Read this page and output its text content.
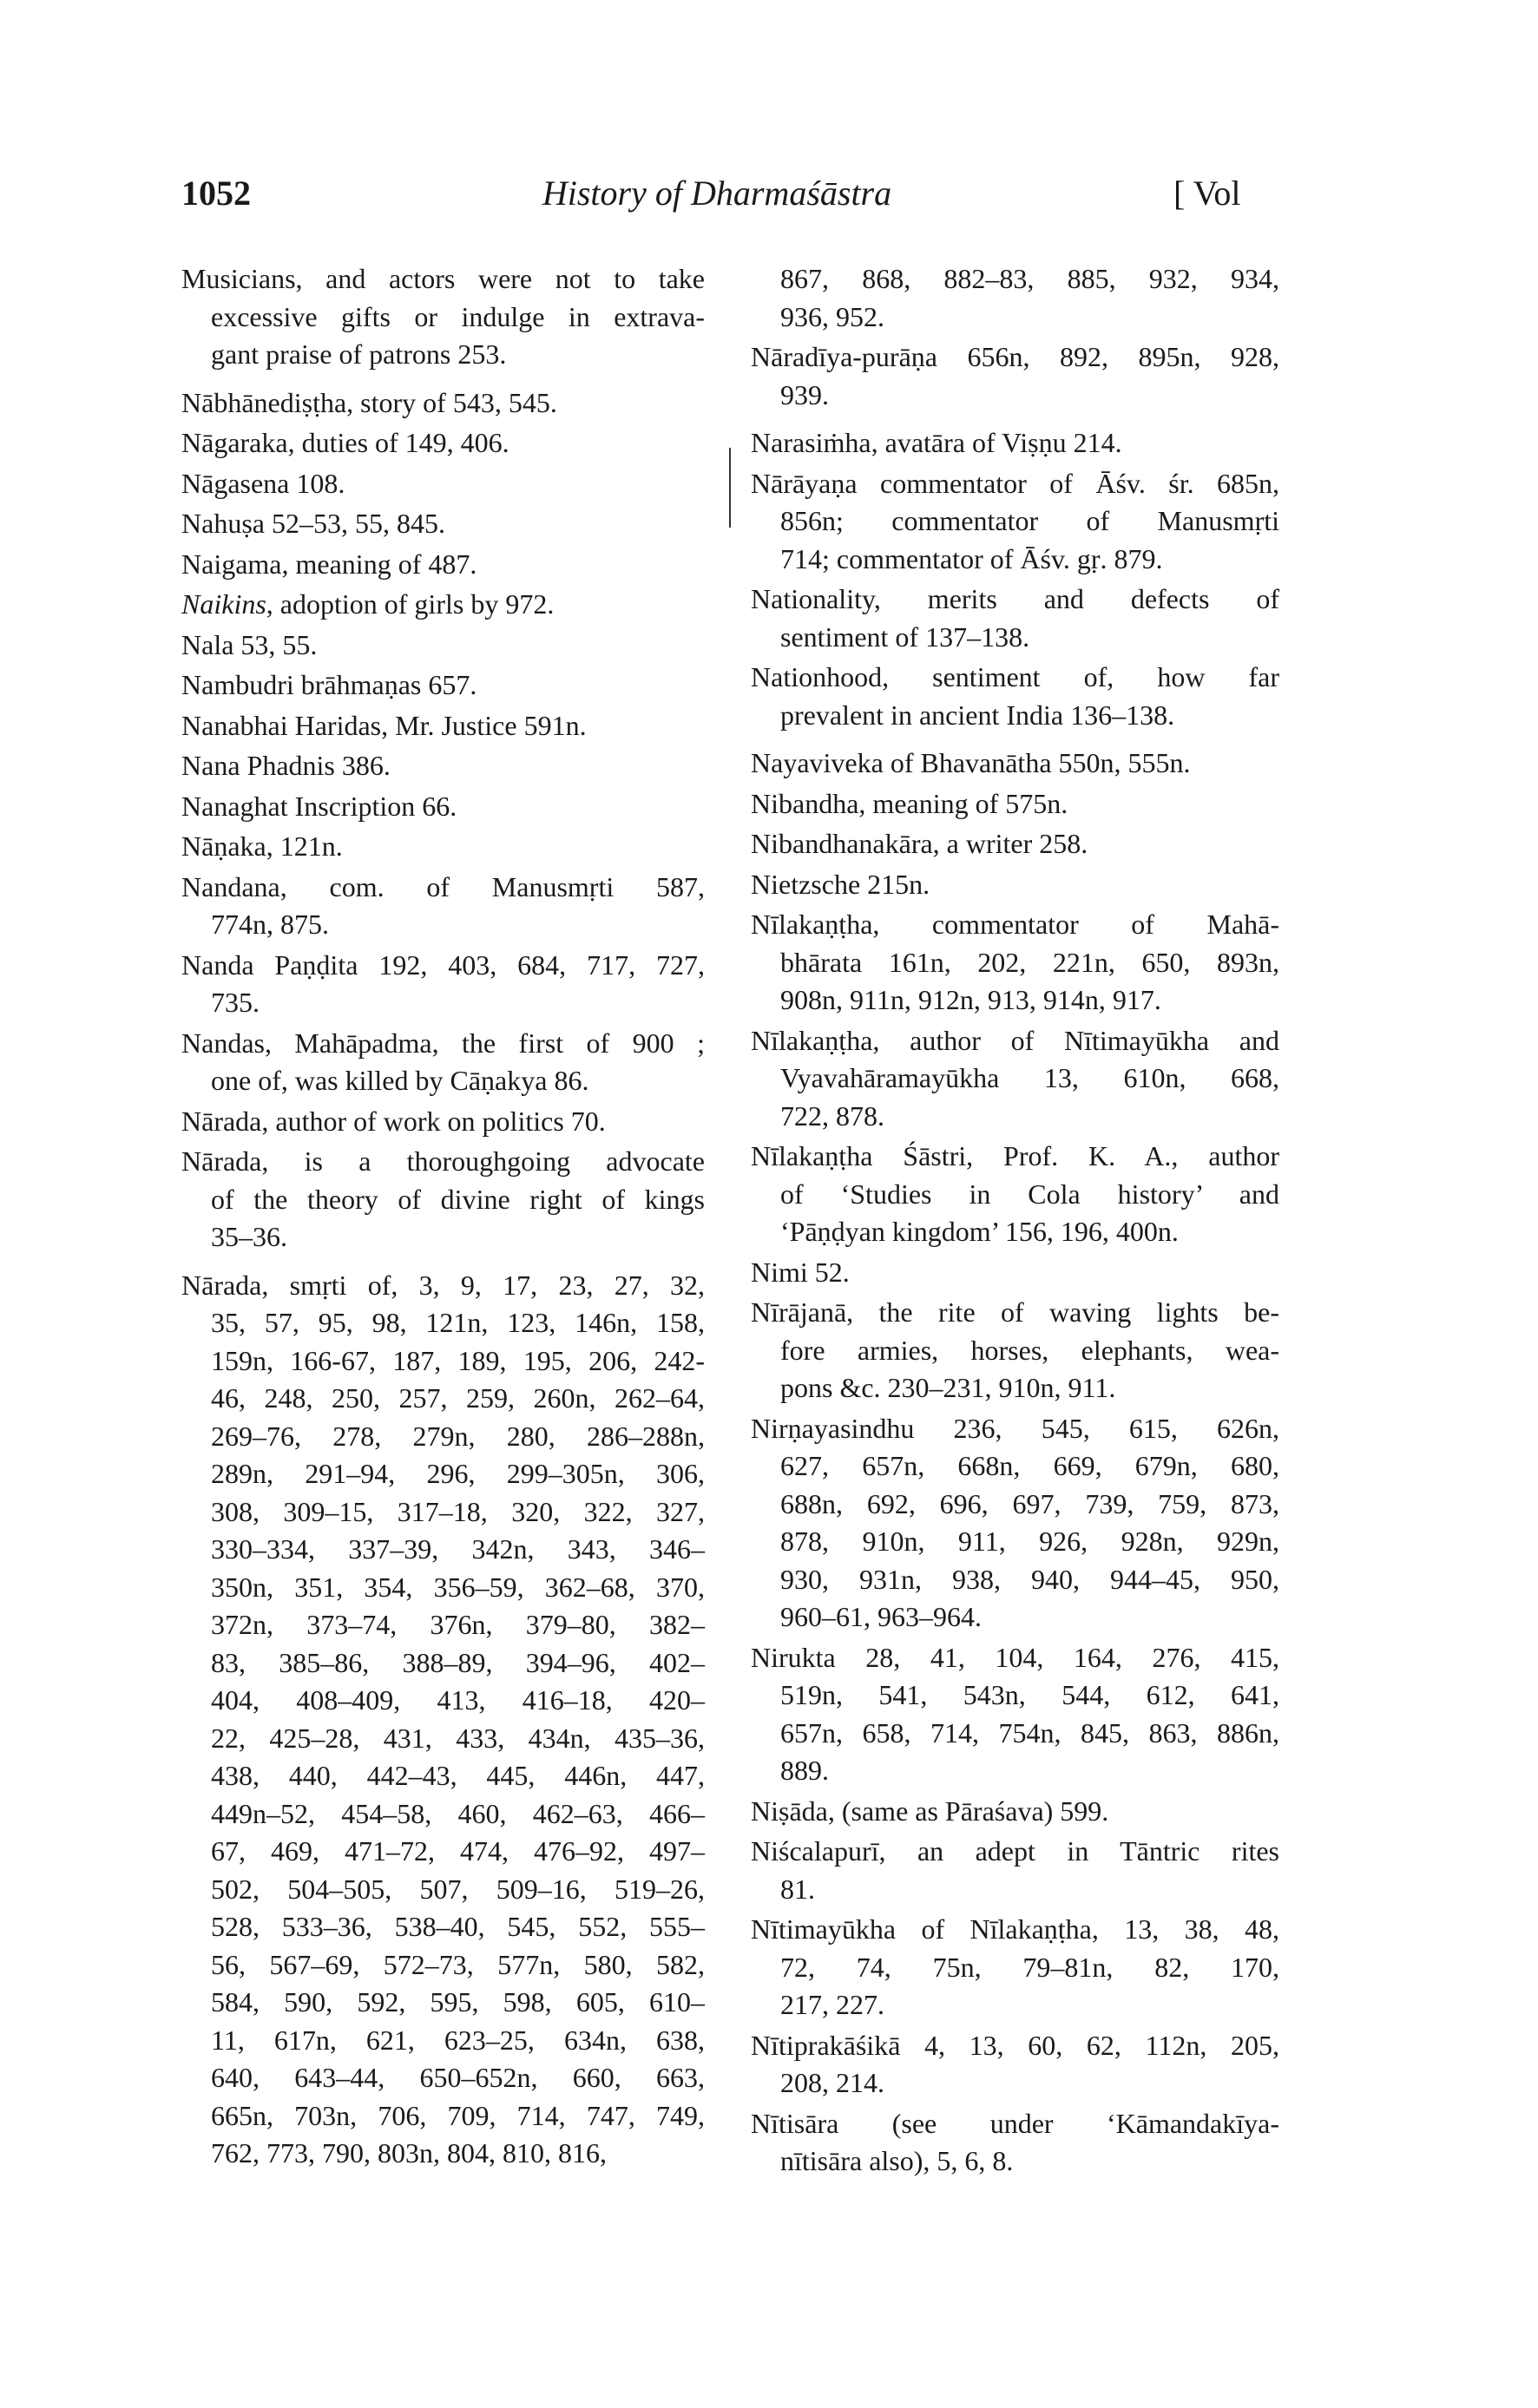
1052	History of Dharmaśāstra	[ Vol
Musicians, and actors were not to take
excessive gifts or indulge in extrava-
gant praise of patrons 253.
Nābhānediṣṭha, story of 543, 545.
Nāgaraka, duties of 149, 406.
Nāgasena 108.
Nahuṣa 52–53, 55, 845.
Naigama, meaning of 487.
Naikins, adoption of girls by 972.
Nala 53, 55.
Nambudri brāhmaṇas 657.
Nanabhai Haridas, Mr. Justice 591n.
Nana Phadnis 386.
Nanaghat Inscription 66.
Nāṇaka, 121n.
Nandana, com. of Manusmṛti 587,
774n, 875.
Nanda Paṇḍita 192, 403, 684, 717, 727,
735.
Nandas, Mahāpadma, the first of 900 ;
one of, was killed by Cāṇakya 86.
Nārada, author of work on politics 70.
Nārada, is a thoroughgoing advocate
of the theory of divine right of kings
35–36.
Nārada, smṛti of, 3, 9, 17, 23, 27, 32,
35, 57, 95, 98, 121n, 123, 146n, 158,
159n, 166-67, 187, 189, 195, 206, 242-
46, 248, 250, 257, 259, 260n, 262–64,
269–76, 278, 279n, 280, 286–288n,
289n, 291–94, 296, 299–305n, 306,
308, 309–15, 317–18, 320, 322, 327,
330–334, 337–39, 342n, 343, 346–
350n, 351, 354, 356–59, 362–68, 370,
372n, 373–74, 376n, 379–80, 382–
83, 385–86, 388–89, 394–96, 402–
404, 408–409, 413, 416–18, 420–
22, 425–28, 431, 433, 434n, 435–36,
438, 440, 442–43, 445, 446n, 447,
449n–52, 454–58, 460, 462–63, 466–
67, 469, 471–72, 474, 476–92, 497–
502, 504–505, 507, 509–16, 519–26,
528, 533–36, 538–40, 545, 552, 555–
56, 567–69, 572–73, 577n, 580, 582,
584, 590, 592, 595, 598, 605, 610–
11, 617n, 621, 623–25, 634n, 638,
640, 643–44, 650–652n, 660, 663,
665n, 703n, 706, 709, 714, 747, 749,
762, 773, 790, 803n, 804, 810, 816,
867, 868, 882–83, 885, 932, 934,
936, 952.
Nāradīya-purāṇa 656n, 892, 895n, 928,
939.
Narasiṁha, avatāra of Viṣṇu 214.
Nārāyaṇa commentator of Āśv. śr. 685n,
856n; commentator of Manusmṛti
714; commentator of Āśv. gṛ. 879.
Nationality, merits and defects of
sentiment of 137–138.
Nationhood, sentiment of, how far
prevalent in ancient India 136–138.
Nayaviveka of Bhavanātha 550n, 555n.
Nibandha, meaning of 575n.
Nibandhanakāra, a writer 258.
Nietzsche 215n.
Nīlakaṇṭha, commentator of Mahā-
bhārata 161n, 202, 221n, 650, 893n,
908n, 911n, 912n, 913, 914n, 917.
Nīlakaṇṭha, author of Nītimayūkha and
Vyavahāramayūkha 13, 610n, 668,
722, 878.
Nīlakaṇṭha Śāstri, Prof. K. A., author
of ‘Studies in Cola history’ and
‘Pāṇḍyan kingdom’ 156, 196, 400n.
Nimi 52.
Nīrājanā, the rite of waving lights be-
fore armies, horses, elephants, wea-
pons &c. 230–231, 910n, 911.
Nirṇayasindhu 236, 545, 615, 626n,
627, 657n, 668n, 669, 679n, 680,
688n, 692, 696, 697, 739, 759, 873,
878, 910n, 911, 926, 928n, 929n,
930, 931n, 938, 940, 944–45, 950,
960–61, 963–964.
Nirukta 28, 41, 104, 164, 276, 415,
519n, 541, 543n, 544, 612, 641,
657n, 658, 714, 754n, 845, 863, 886n,
889.
Niṣāda, (same as Pāraśava) 599.
Niścalapurī, an adept in Tāntric rites
81.
Nītimayūkha of Nīlakaṇṭha, 13, 38, 48,
72, 74, 75n, 79–81n, 82, 170,
217, 227.
Nītiprakāśikā 4, 13, 60, 62, 112n, 205,
208, 214.
Nītisāra (see under ‘Kāmandakīya-
nītisāra also), 5, 6, 8.
